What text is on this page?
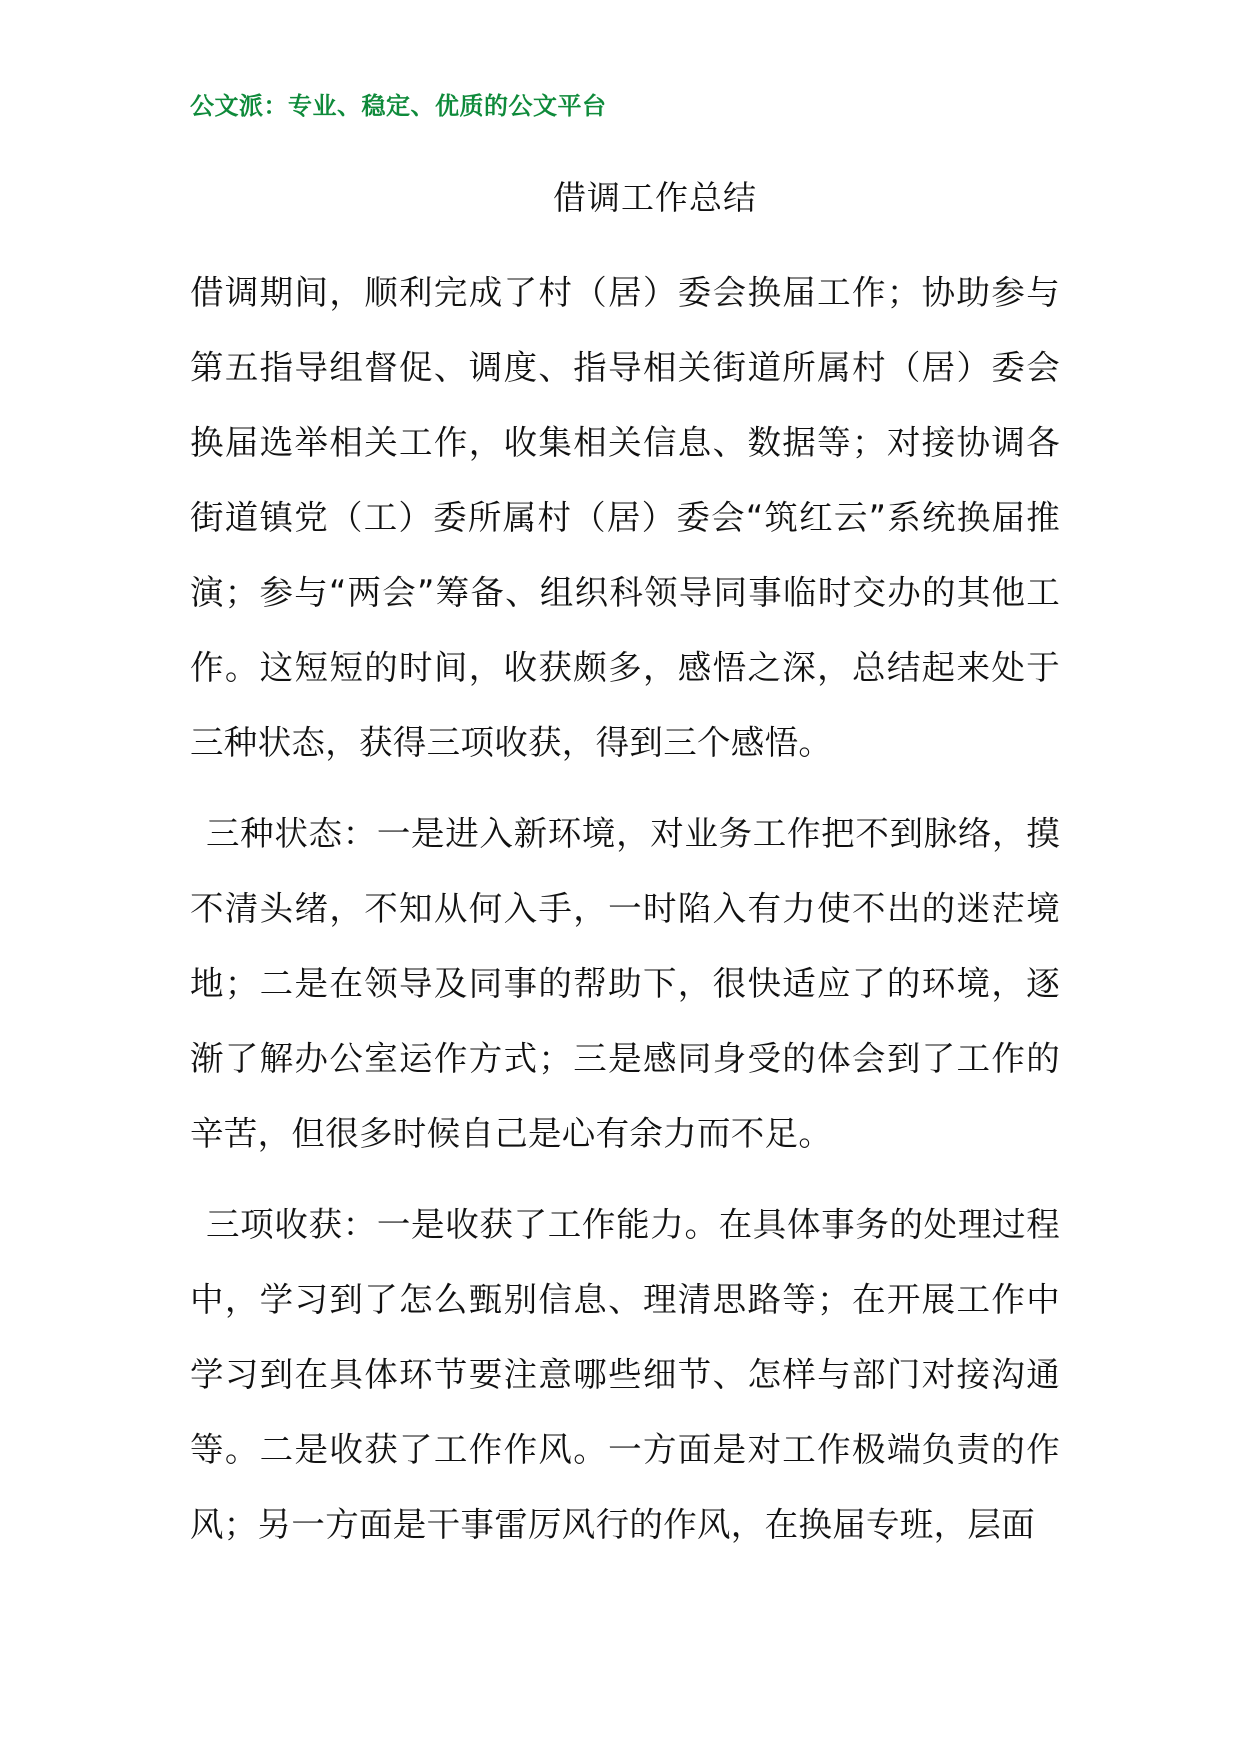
公文派：专业、稳定、优质的公文平台
借调工作总结

借调期间，顺利完成了村（居）委会换届工作；协助参与第五指导组督促、调度、指导相关街道所属村（居）委会换届选举相关工作，收集相关信息、数据等；对接协调各街道镇党（工）委所属村（居）委会“筑红云”系统换届推演；参与“两会”筹备、组织科领导同事临时交办的其他工作。这短短的时间，收获颇多，感悟之深，总结起来处于三种状态，获得三项收获，得到三个感悟。

三种状态：一是进入新环境，对业务工作把不到脉络，摸不清头绪，不知从何入手，一时陷入有力使不出的迷茫境地；二是在领导及同事的帮助下，很快适应了的环境，逐渐了解办公室运作方式；三是感同身受的体会到了工作的辛苦，但很多时候自己是心有余力而不足。

三项收获：一是收获了工作能力。在具体事务的处理过程中，学习到了怎么甄别信息、理清思路等；在开展工作中学习到在具体环节要注意哪些细节、怎样与部门对接沟通等。二是收获了工作作风。一方面是对工作极端负责的作风；另一方面是干事雷厉风行的作风，在换届专班，层面
